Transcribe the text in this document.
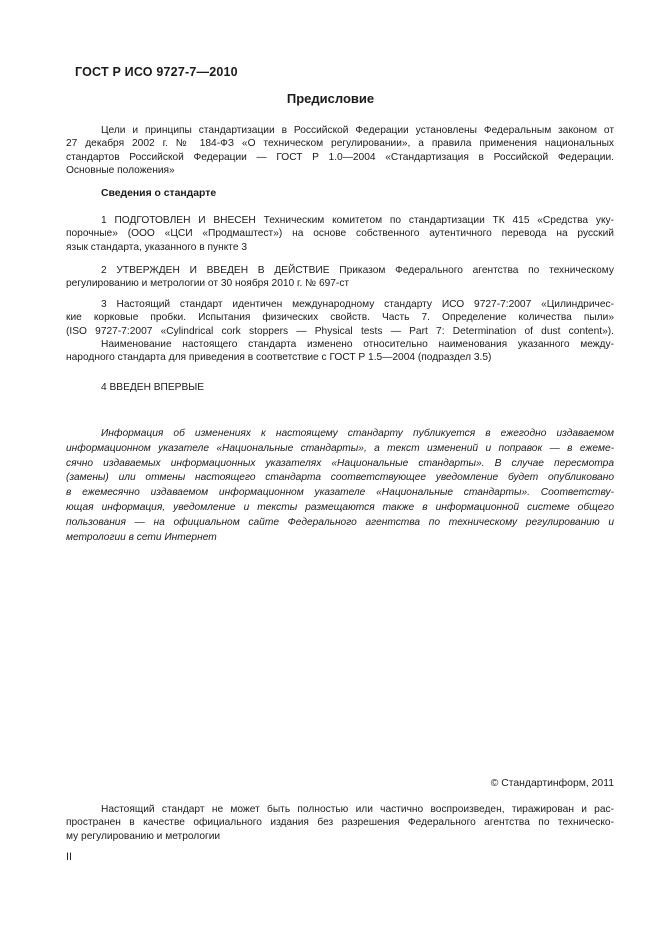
ГОСТ Р ИСО 9727-7—2010
Предисловие
Цели и принципы стандартизации в Российской Федерации установлены Федеральным законом от
27 декабря 2002 г. № 184-ФЗ «О техническом регулировании», а правила применения национальных
стандартов Российской Федерации — ГОСТ Р 1.0—2004 «Стандартизация в Российской Федерации.
Основные положения»
Сведения о стандарте
1 ПОДГОТОВЛЕН И ВНЕСЕН Техническим комитетом по стандартизации ТК 415 «Средства уку-
порочные» (ООО «ЦСИ «Продмаштест») на основе собственного аутентичного перевода на русский
язык стандарта, указанного в пункте 3
2 УТВЕРЖДЕН И ВВЕДЕН В ДЕЙСТВИЕ Приказом Федерального агентства по техническому
регулированию и метрологии от 30 ноября 2010 г. № 697-ст
3 Настоящий стандарт идентичен международному стандарту ИСО 9727-7:2007 «Цилиндричес-
кие корковые пробки. Испытания физических свойств. Часть 7. Определение количества пыли»
(ISO 9727-7:2007 «Cylindrical cork stoppers — Physical tests — Part 7: Determination of dust content»).
Наименование настоящего стандарта изменено относительно наименования указанного между-
народного стандарта для приведения в соответствие с ГОСТ Р 1.5—2004 (подраздел 3.5)
4 ВВЕДЕН ВПЕРВЫЕ
Информация об изменениях к настоящему стандарту публикуется в ежегодно издаваемом
информационном указателе «Национальные стандарты», а текст изменений и поправок — в ежеме-
сячно издаваемых информационных указателях «Национальные стандарты». В случае пересмотра
(замены) или отмены настоящего стандарта соответствующее уведомление будет опубликовано
в ежемесячно издаваемом информационном указателе «Национальные стандарты». Соответству-
ющая информация, уведомление и тексты размещаются также в информационной системе общего
пользования — на официальном сайте Федерального агентства по техническому регулированию и
метрологии в сети Интернет
© Стандартинформ, 2011
Настоящий стандарт не может быть полностью или частично воспроизведен, тиражирован и рас-
пространен в качестве официального издания без разрешения Федерального агентства по техническо-
му регулированию и метрологии
II
